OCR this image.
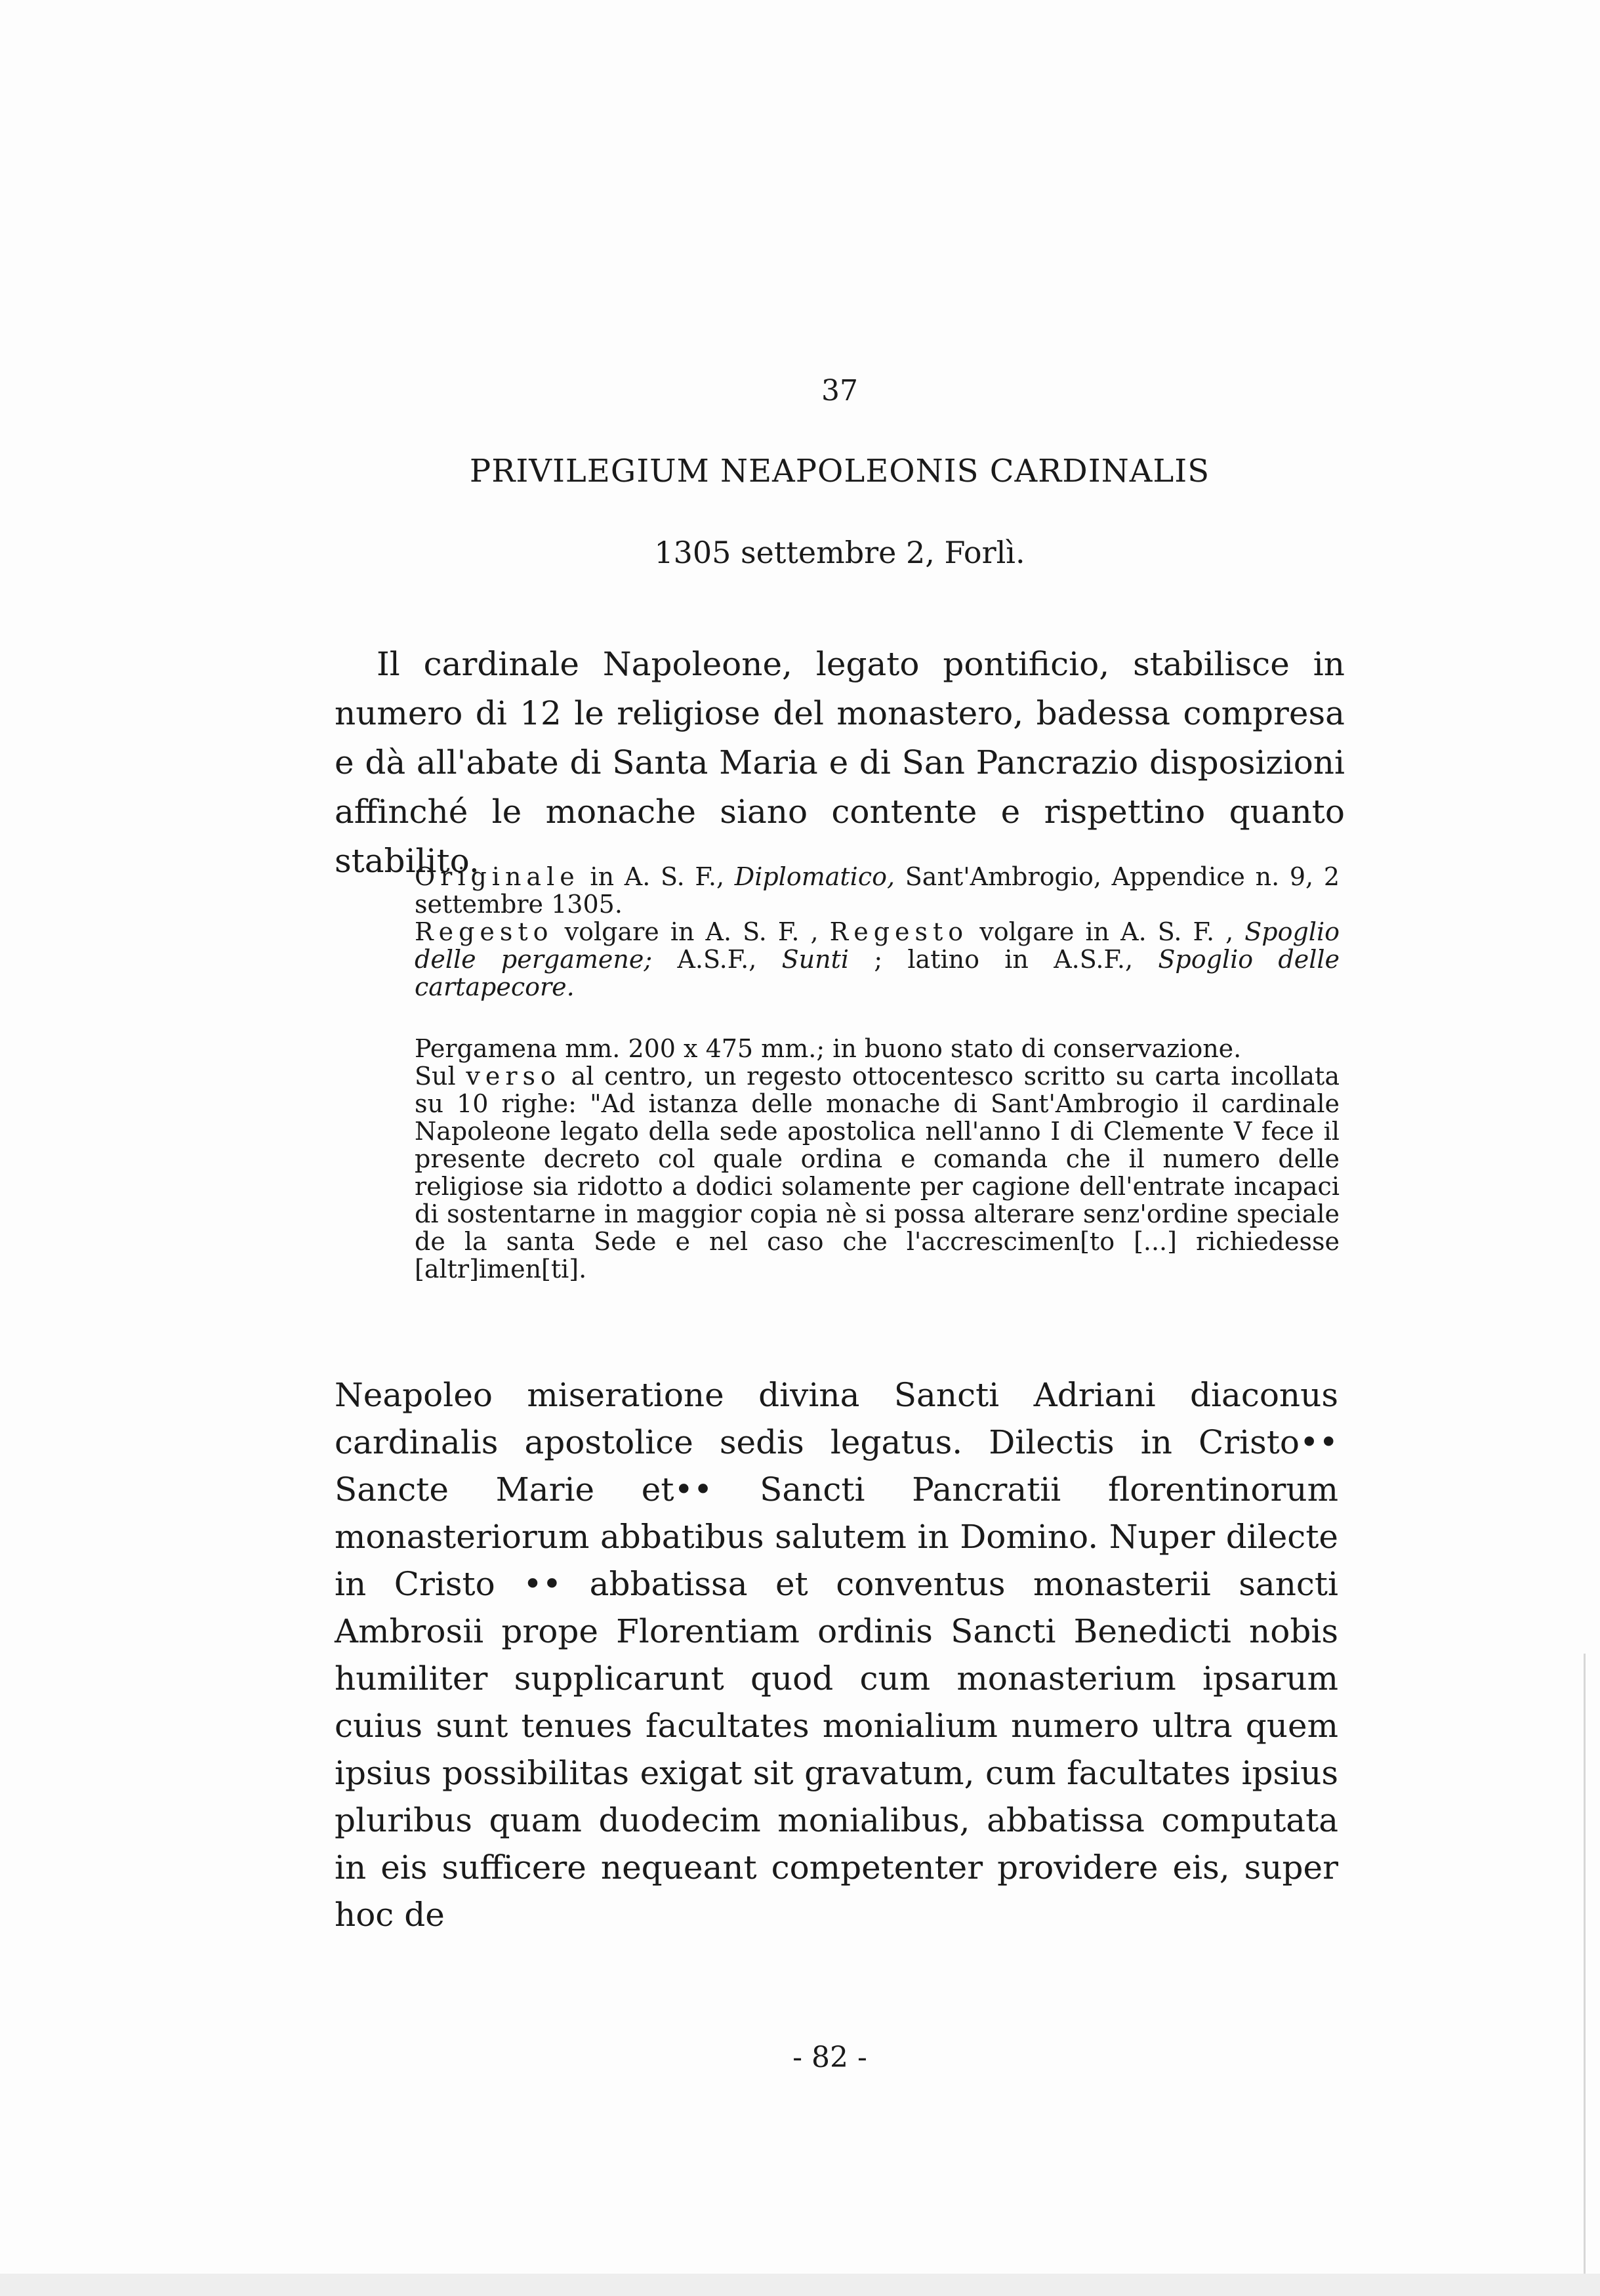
37
PRIVILEGIUM NEAPOLEONIS CARDINALIS
1305 settembre 2, Forlì.

Il cardinale Napoleone, legato pontificio, stabilisce in numero di 12 le religiose del monastero, badessa compresa e dà all'abate di Santa Maria e di San Pancrazio disposizioni affinché le monache siano contente e rispettino quanto stabilito.

Originale in A. S. F., Diplomatico, Sant'Ambrogio, Appendice n. 9, 2 settembre 1305.

Regesto volgare in A. S. F. , Regesto volgare in A. S. F. , Spoglio delle pergamene; A.S.F., Sunti ; latino in A.S.F., Spoglio delle cartapecore.

Pergamena mm. 200 x 475 mm.; in buono stato di conservazione.

Sul verso al centro, un regesto ottocentesco scritto su carta incollata su 10 righe: "Ad istanza delle monache di Sant'Ambrogio il cardinale Napoleone legato della sede apostolica nell'anno I di Clemente V fece il presente decreto col quale ordina e comanda che il numero delle religiose sia ridotto a dodici solamente per cagione dell'entrate incapaci di sostentarne in maggior copia nè si possa alterare senz'ordine speciale de la santa Sede e nel caso che l'accrescimen[to [...] richiedesse [altr]imen[ti].

Neapoleo miseratione divina Sancti Adriani diaconus cardinalis apostolice sedis legatus. Dilectis in Cristo•• Sancte Marie et•• Sancti Pancratii florentinorum monasteriorum abbatibus salutem in Domino. Nuper dilecte in Cristo •• abbatissa et conventus monasterii sancti Ambrosii prope Florentiam ordinis Sancti Benedicti nobis humiliter supplicarunt quod cum monasterium ipsarum cuius sunt tenues facultates monialium numero ultra quem ipsius possibilitas exigat sit gravatum, cum facultates ipsius pluribus quam duodecim monialibus, abbatissa computata in eis sufficere nequeant competenter providere eis, super hoc de

- 82 -
